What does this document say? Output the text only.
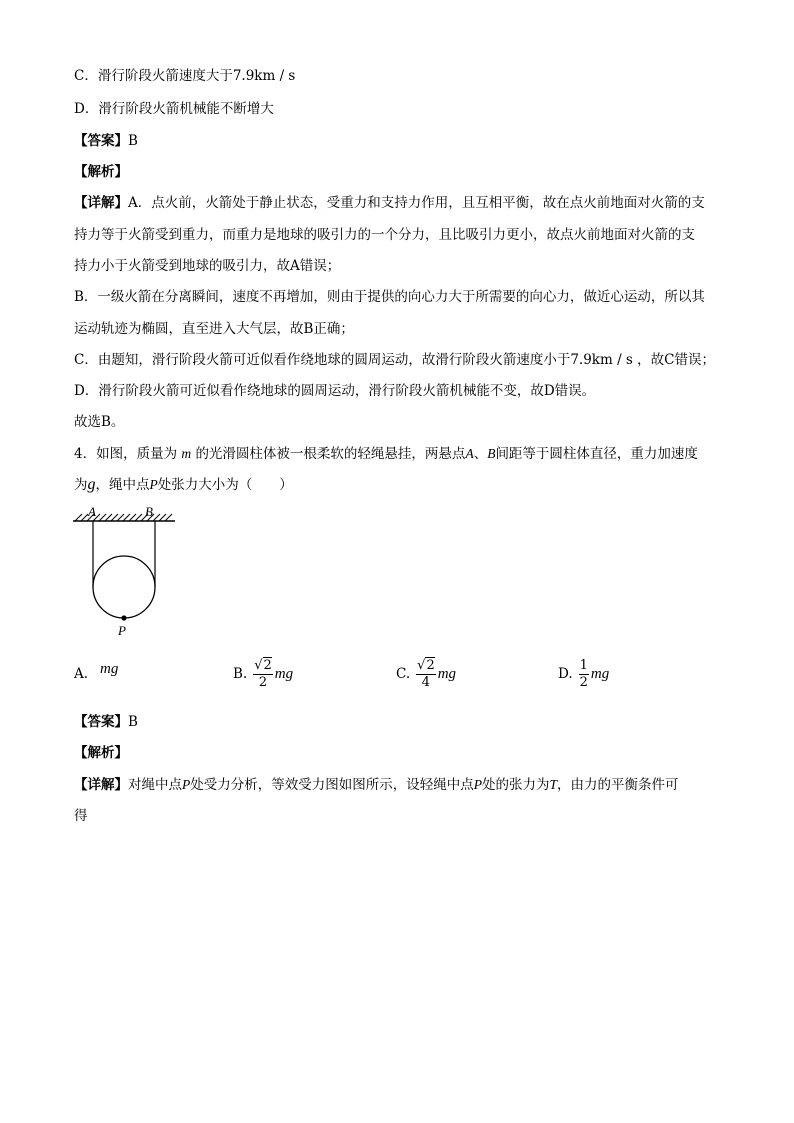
C．滑行阶段火箭速度大于7.9km / s
D．滑行阶段火箭机械能不断增大
【答案】B
【解析】
【详解】A．点火前，火箭处于静止状态，受重力和支持力作用，且互相平衡，故在点火前地面对火箭的支
持力等于火箭受到重力，而重力是地球的吸引力的一个分力，且比吸引力更小，故点火前地面对火箭的支
持力小于火箭受到地球的吸引力，故A错误；
B．一级火箭在分离瞬间，速度不再增加，则由于提供的向心力大于所需要的向心力，做近心运动，所以其
运动轨迹为椭圆，直至进入大气层，故B正确；
C．由题知，滑行阶段火箭可近似看作绕地球的圆周运动，故滑行阶段火箭速度小于7.9km / s ，故C错误；
D．滑行阶段火箭可近似看作绕地球的圆周运动，滑行阶段火箭机械能不变，故D错误。
故选B。
4．如图，质量为 m 的光滑圆柱体被一根柔软的轻绳悬挂，两悬点A、B间距等于圆柱体直径，重力加速度
为g，绳中点P处张力大小为（　　）
A	B
P
A. mg	B. $\frac{√ 2}{2}$ mg	C. $\frac{√ 2}{4}$ mg	D. $\frac{1}{2}$ mg
【答案】B
【解析】
【详解】对绳中点P处受力分析，等效受力图如图所示，设轻绳中点P处的张力为T，由力的平衡条件可
得
